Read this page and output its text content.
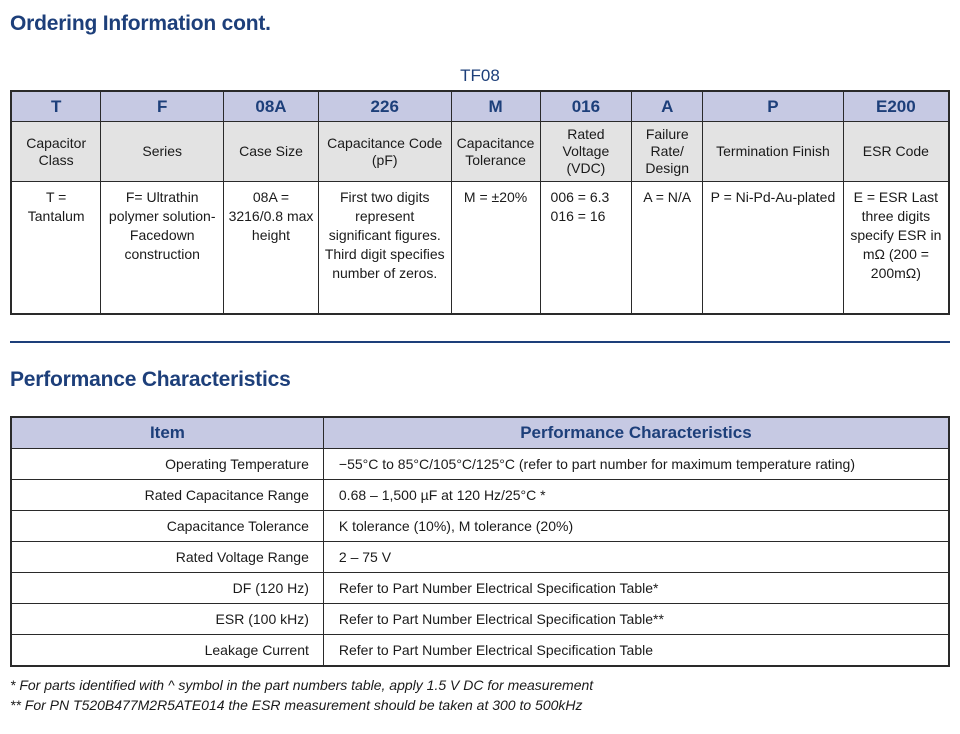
Ordering Information cont.
TF08
T	F	08A	226	M	016	A	P	E200
Capacitor Class	Series	Case Size	Capacitance Code (pF)	Capacitance Tolerance	Rated Voltage (VDC)	Failure Rate/ Design	Termination Finish	ESR Code
T = Tantalum	F= Ultrathin polymer solution- Facedown construction	08A = 3216/0.8 max height	First two digits represent significant figures. Third digit specifies number of zeros.	M = ±20%	006 = 6.3 016 = 16	A = N/A	P = Ni-Pd-Au-plated	E = ESR Last three digits specify ESR in mΩ (200 = 200mΩ)
Performance Characteristics
Item	Performance Characteristics
Operating Temperature	−55°C to 85°C/105°C/125°C (refer to part number for maximum temperature rating)
Rated Capacitance Range	0.68 – 1,500 µF at 120 Hz/25°C *
Capacitance Tolerance	K tolerance (10%), M tolerance (20%)
Rated Voltage Range	2 – 75 V
DF (120 Hz)	Refer to Part Number Electrical Specification Table*
ESR (100 kHz)	Refer to Part Number Electrical Specification Table**
Leakage Current	Refer to Part Number Electrical Specification Table
* For parts identified with ^ symbol in the part numbers table, apply 1.5 V DC for measurement
** For PN T520B477M2R5ATE014 the ESR measurement should be taken at 300 to 500kHz
